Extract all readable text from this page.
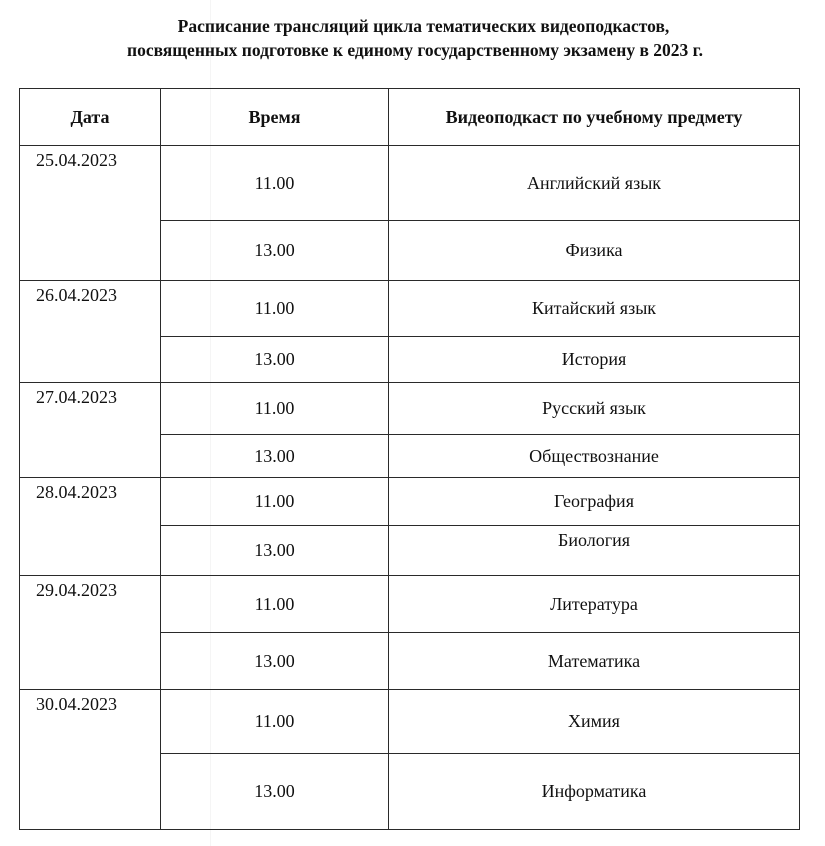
Расписание трансляций цикла тематических видеоподкастов,
посвященных подготовке к единому государственному экзамену в 2023 г.
Дата	Время	Видеоподкаст по учебному предмету
25.04.2023	11.00	Английский язык
	13.00	Физика
26.04.2023	11.00	Китайский язык
	13.00	История
27.04.2023	11.00	Русский язык
	13.00	Обществознание
28.04.2023	11.00	География
	13.00	Биология
29.04.2023	11.00	Литература
	13.00	Математика
30.04.2023	11.00	Химия
	13.00	Информатика
